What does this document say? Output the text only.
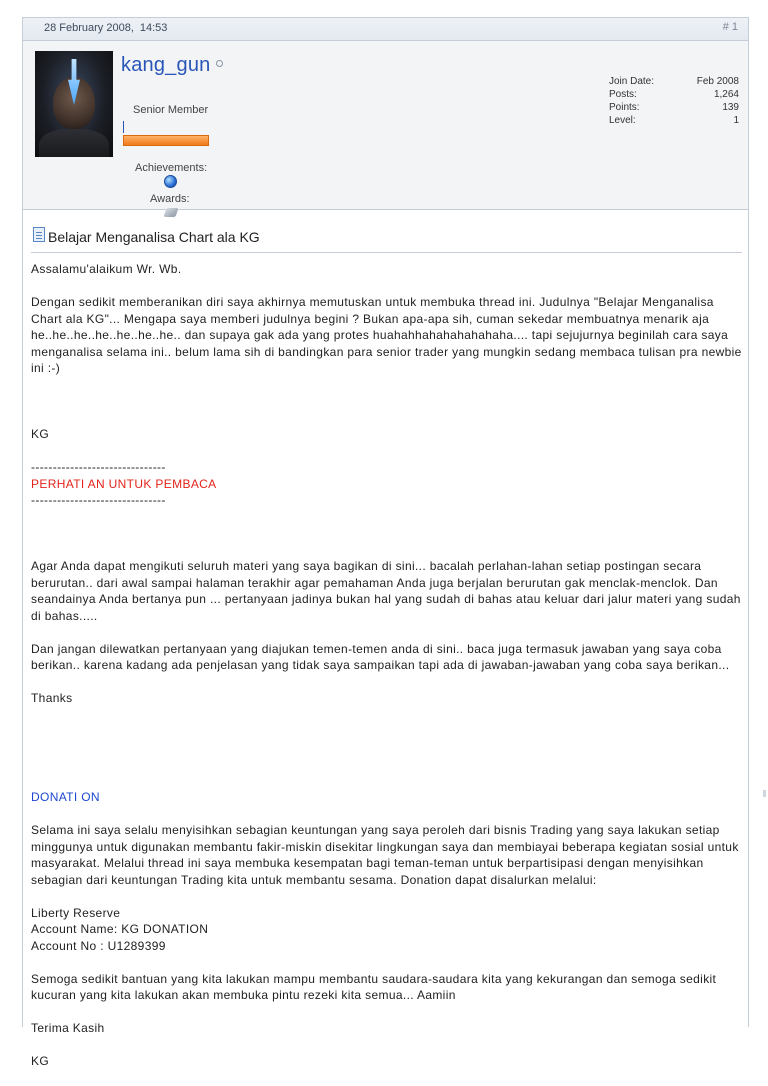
28 February 2008, 14:53	# 1
kang_gun
Senior Member
Achievements:
Awards:
Join Date:	Feb 2008
Posts:	1,264
Points:	139
Level:	1
Belajar Menganalisa Chart ala KG
Assalamu'alaikum Wr. Wb.
Dengan sedikit memberanikan diri saya akhirnya memutuskan untuk membuka thread ini. Judulnya "Belajar Menganalisa Chart ala KG"... Mengapa saya memberi judulnya begini ? Bukan apa-apa sih, cuman sekedar membuatnya menarik aja he..he..he..he..he..he..he.. dan supaya gak ada yang protes huahahhahahahahahaha.... tapi sejujurnya beginilah cara saya menganalisa selama ini.. belum lama sih di bandingkan para senior trader yang mungkin sedang membaca tulisan pra newbie ini :-)

KG
-------------------------------
PERHATI AN UNTUK PEMBACA
-------------------------------

Agar Anda dapat mengikuti seluruh materi yang saya bagikan di sini... bacalah perlahan-lahan setiap postingan secara berurutan.. dari awal sampai halaman terakhir agar pemahaman Anda juga berjalan berurutan gak menclak-menclok. Dan seandainya Anda bertanya pun ... pertanyaan jadinya bukan hal yang sudah di bahas atau keluar dari jalur materi yang sudah di bahas.....
Dan jangan dilewatkan pertanyaan yang diajukan temen-temen anda di sini.. baca juga termasuk jawaban yang saya coba berikan.. karena kadang ada penjelasan yang tidak saya sampaikan tapi ada di jawaban-jawaban yang coba saya berikan...
Thanks

DONATI ON
Selama ini saya selalu menyisihkan sebagian keuntungan yang saya peroleh dari bisnis Trading yang saya lakukan setiap minggunya untuk digunakan membantu fakir-miskin disekitar lingkungan saya dan membiayai beberapa kegiatan sosial untuk masyarakat. Melalui thread ini saya membuka kesempatan bagi teman-teman untuk berpartisipasi dengan menyisihkan sebagian dari keuntungan Trading kita untuk membantu sesama. Donation dapat disalurkan melalui:
Liberty Reserve
Account Name: KG DONATION
Account No : U1289399
Semoga sedikit bantuan yang kita lakukan mampu membantu saudara-saudara kita yang kekurangan dan semoga sedikit kucuran yang kita lakukan akan membuka pintu rezeki kita semua... Aamiin
Terima Kasih
KG
